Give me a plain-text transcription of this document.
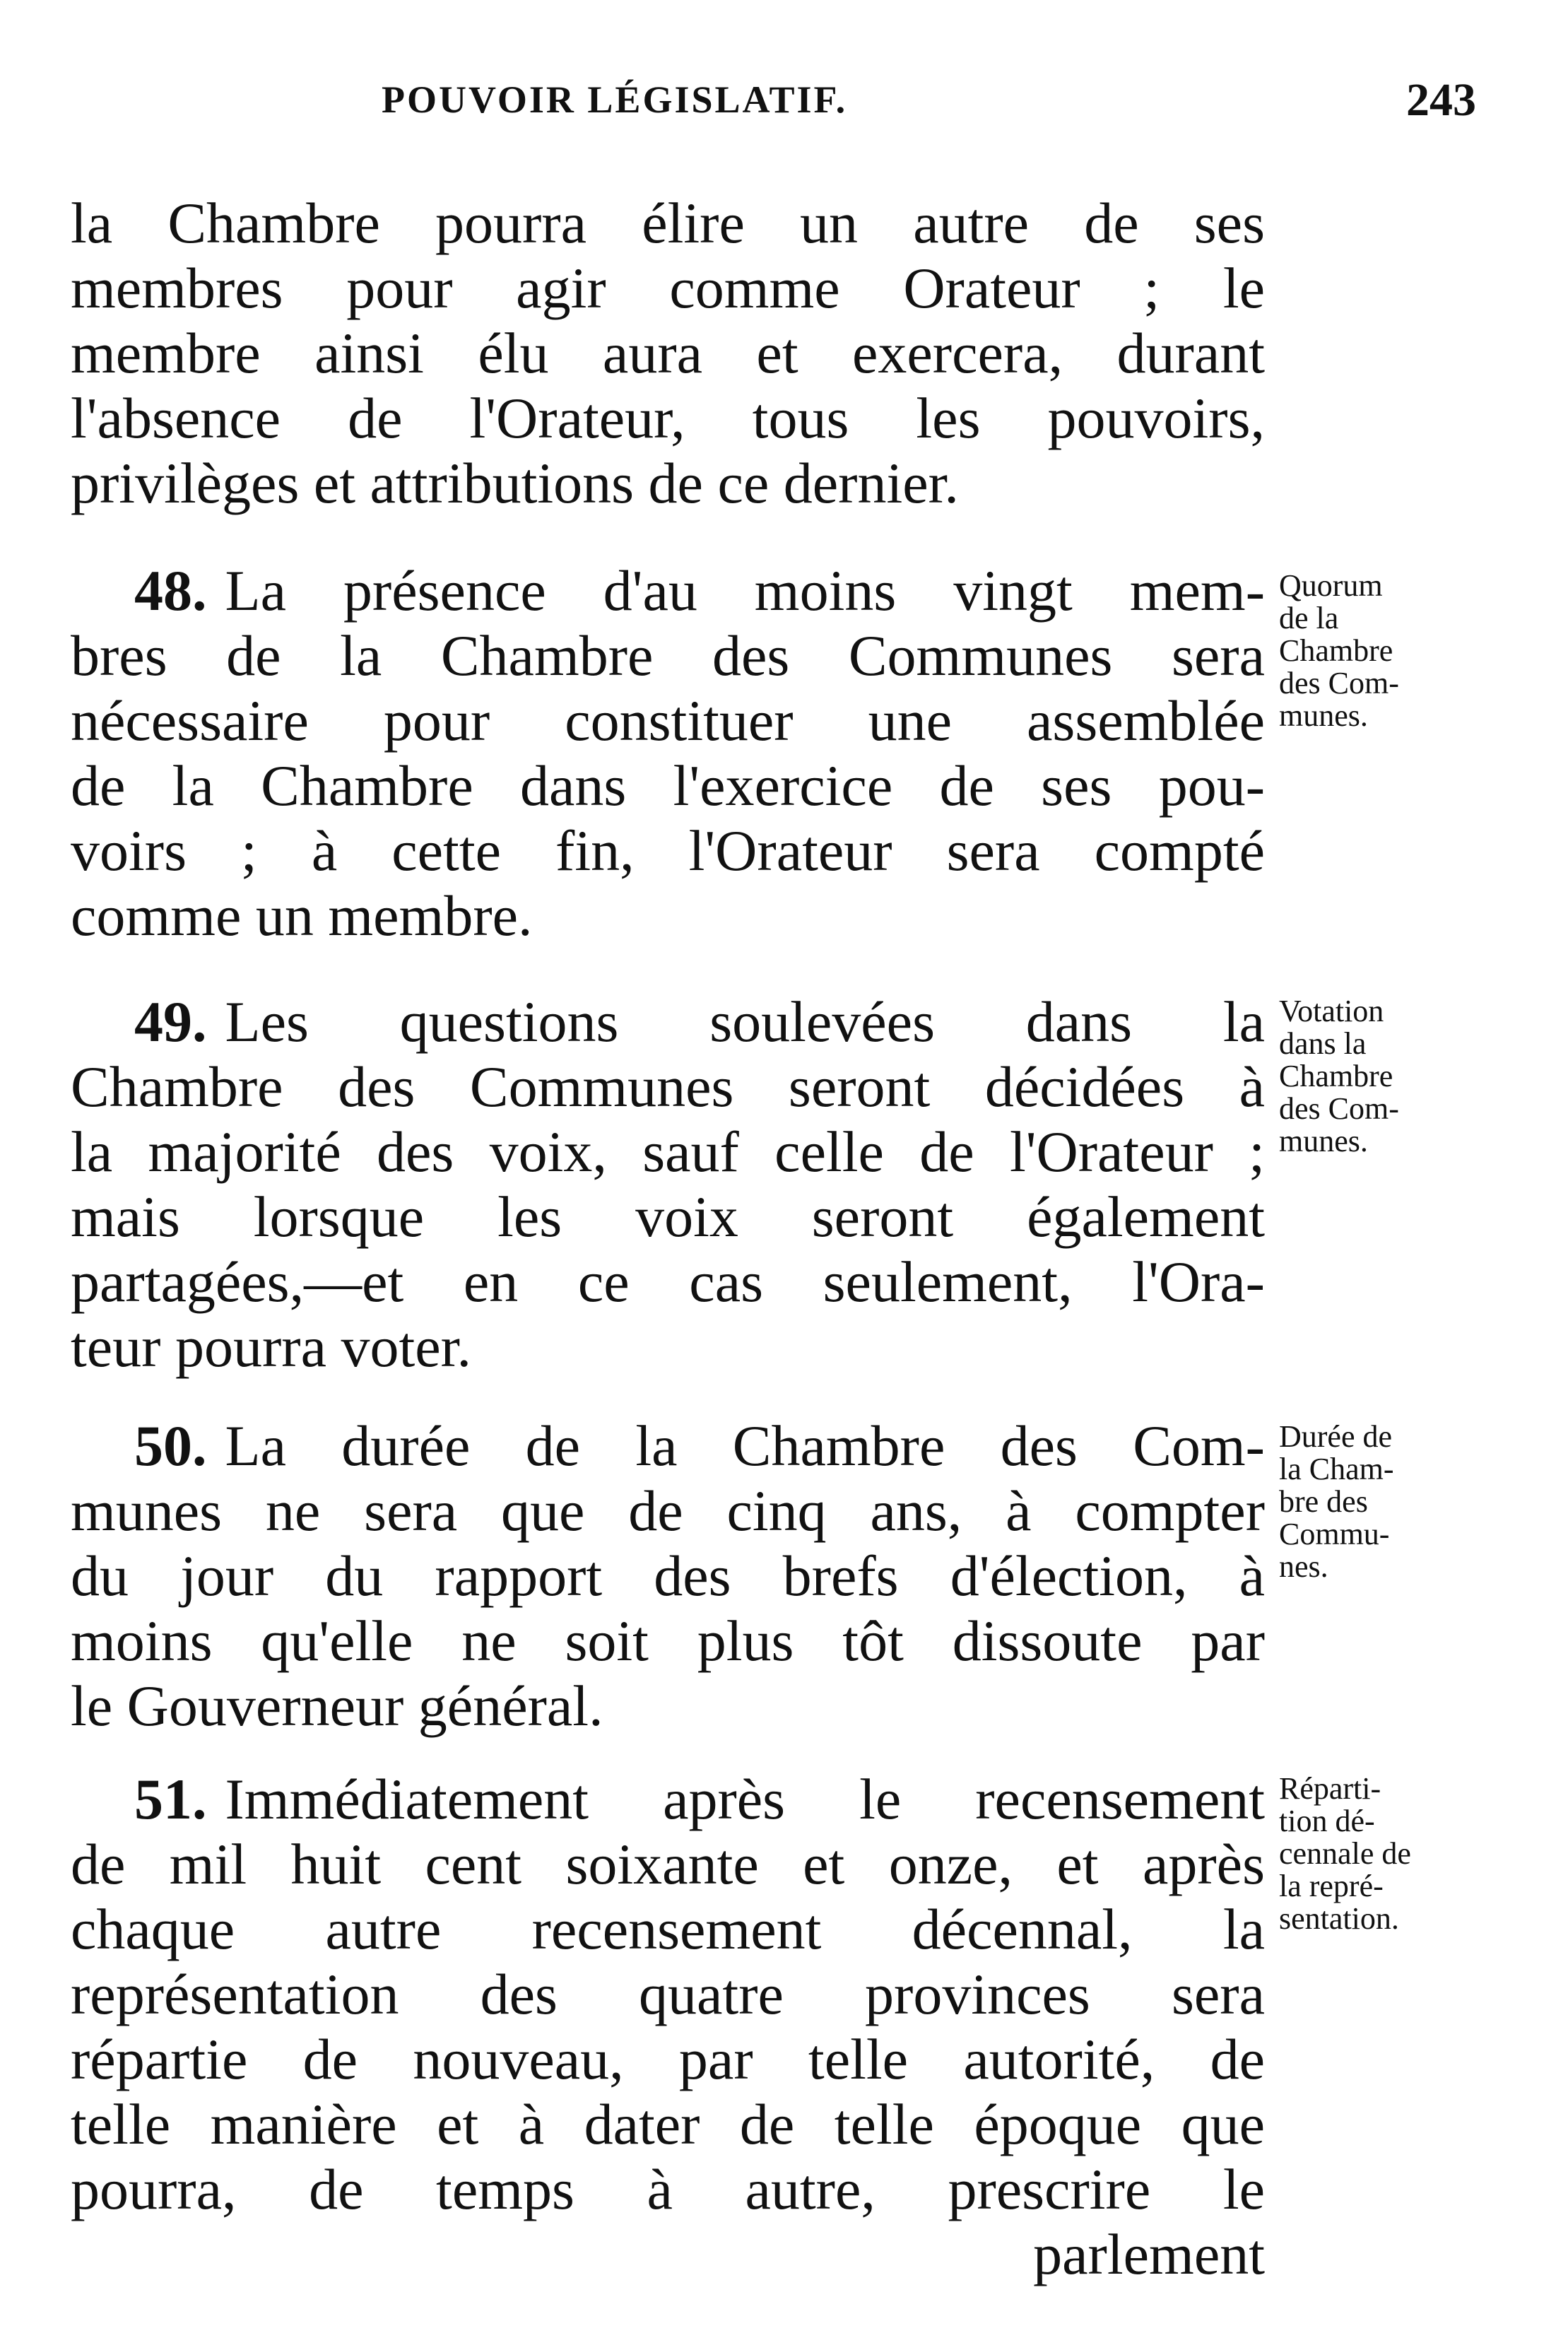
POUVOIR LÉGISLATIF.	243
la Chambre pourra élire un autre de ses
membres pour agir comme Orateur ; le
membre ainsi élu aura et exercera, durant
l'absence de l'Orateur, tous les pouvoirs,
privilèges et attributions de ce dernier.
48. La présence d'au moins vingt mem-
bres de la Chambre des Communes sera
nécessaire pour constituer une assemblée
de la Chambre dans l'exercice de ses pou-
voirs ; à cette fin, l'Orateur sera compté
comme un membre.
Quorum
de la
Chambre
des Com-
munes.
49. Les questions soulevées dans la
Chambre des Communes seront décidées à
la majorité des voix, sauf celle de l'Orateur ;
mais lorsque les voix seront également
partagées,—et en ce cas seulement, l'Ora-
teur pourra voter.
Votation
dans la
Chambre
des Com-
munes.
50. La durée de la Chambre des Com-
munes ne sera que de cinq ans, à compter
du jour du rapport des brefs d'élection, à
moins qu'elle ne soit plus tôt dissoute par
le Gouverneur général.
Durée de
la Cham-
bre des
Commu-
nes.
51. Immédiatement après le recensement
de mil huit cent soixante et onze, et après
chaque autre recensement décennal, la
représentation des quatre provinces sera
répartie de nouveau, par telle autorité, de
telle manière et à dater de telle époque que
pourra, de temps à autre, prescrire le
parlement
Réparti-
tion dé-
cennale de
la repré-
sentation.
